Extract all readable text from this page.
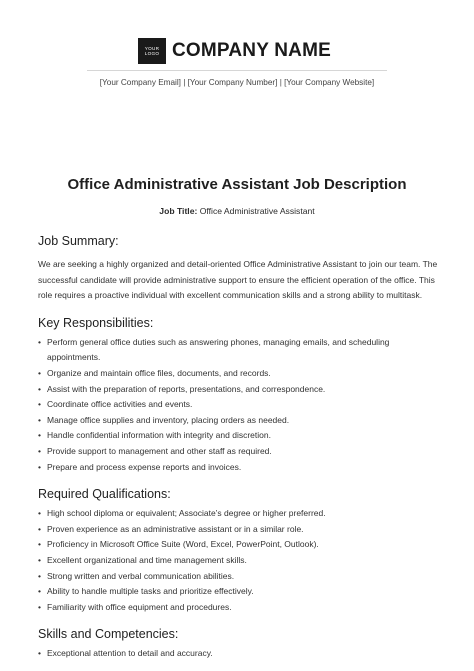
YOUR
LOGO COMPANY NAME
[Your Company Email] | [Your Company Number] | [Your Company Website]
Office Administrative Assistant Job Description
Job Title: Office Administrative Assistant
Job Summary:

We are seeking a highly organized and detail-oriented Office Administrative Assistant to join our team. The successful candidate will provide administrative support to ensure the efficient operation of the office. This role requires a proactive individual with excellent communication skills and a strong ability to multitask.

Key Responsibilities:
• Perform general office duties such as answering phones, managing emails, and scheduling appointments.
• Organize and maintain office files, documents, and records.
• Assist with the preparation of reports, presentations, and correspondence.
• Coordinate office activities and events.
• Manage office supplies and inventory, placing orders as needed.
• Handle confidential information with integrity and discretion.
• Provide support to management and other staff as required.
• Prepare and process expense reports and invoices.
Required Qualifications:
• High school diploma or equivalent; Associate’s degree or higher preferred.
• Proven experience as an administrative assistant or in a similar role.
• Proficiency in Microsoft Office Suite (Word, Excel, PowerPoint, Outlook).
• Excellent organizational and time management skills.
• Strong written and verbal communication abilities.
• Ability to handle multiple tasks and prioritize effectively.
• Familiarity with office equipment and procedures.
Skills and Competencies:
• Exceptional attention to detail and accuracy.
